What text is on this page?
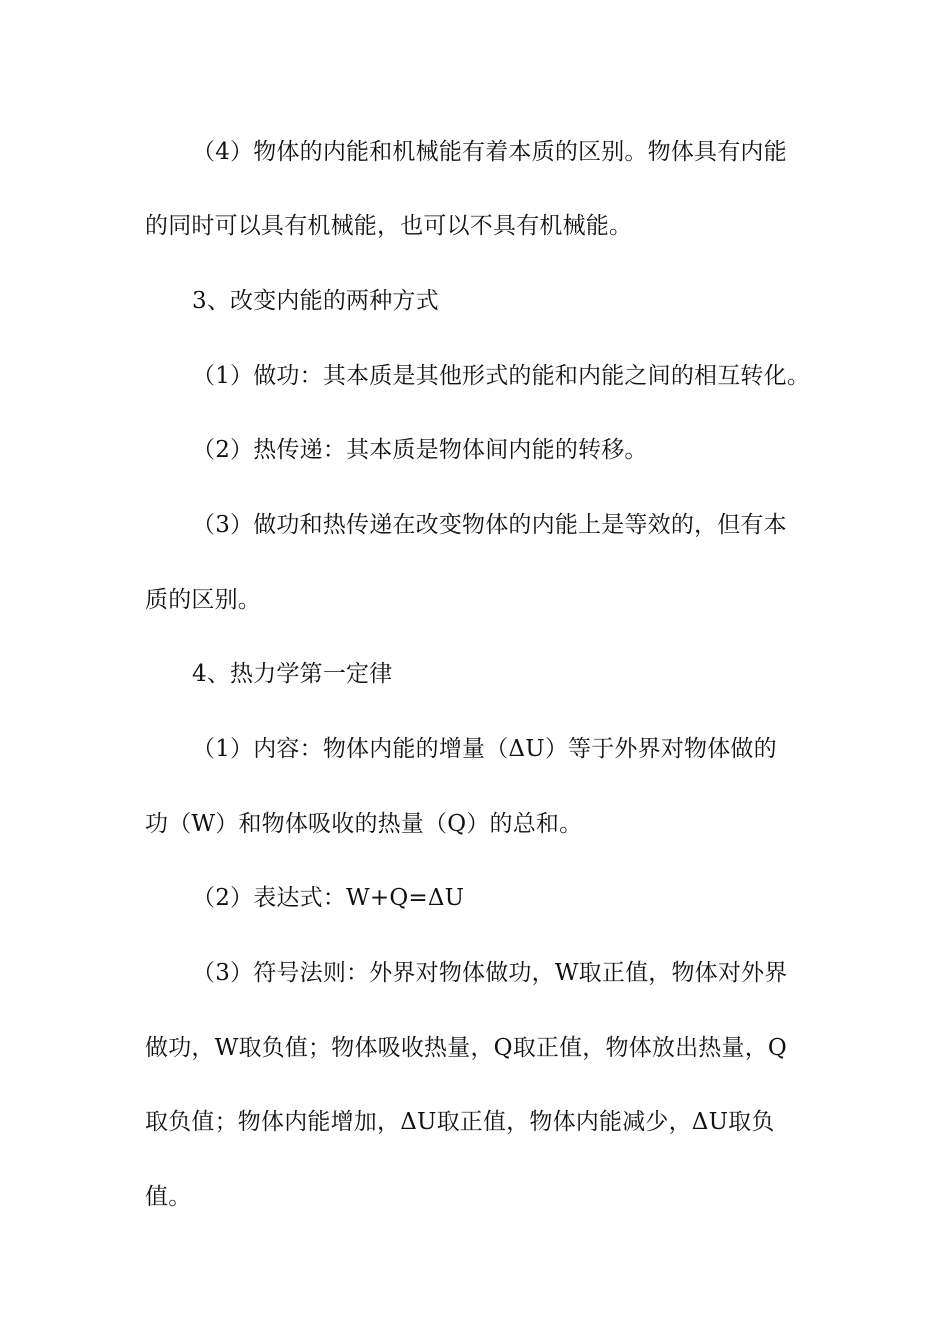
（4）物体的内能和机械能有着本质的区别。物体具有内能
的同时可以具有机械能，也可以不具有机械能。
3、改变内能的两种方式
（1）做功：其本质是其他形式的能和内能之间的相互转化。
（2）热传递：其本质是物体间内能的转移。
（3）做功和热传递在改变物体的内能上是等效的，但有本
质的区别。
4、热力学第一定律
（1）内容：物体内能的增量（ΔU）等于外界对物体做的
功（W）和物体吸收的热量（Q）的总和。
（2）表达式：W+Q=ΔU
（3）符号法则：外界对物体做功，W取正值，物体对外界
做功，W取负值；物体吸收热量，Q取正值，物体放出热量，Q
取负值；物体内能增加，ΔU取正值，物体内能减少，ΔU取负
值。
